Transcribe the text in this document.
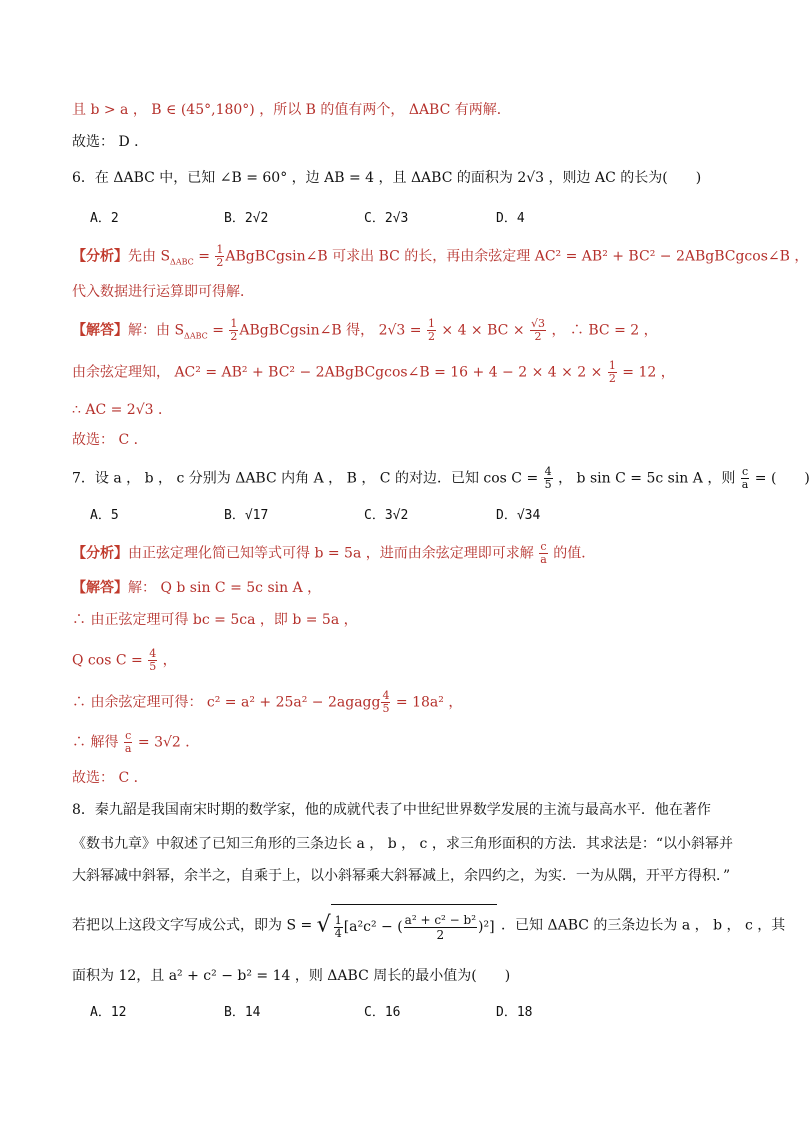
且 b > a ， B ∈ (45°,180°) ，所以 B 的值有两个， ΔABC 有两解．
故选： D ．
6．在 ΔABC 中，已知 ∠B = 60° ，边 AB = 4 ，且 ΔABC 的面积为 2√3 ，则边 AC 的长为(　　)
A．2	B．2√2	C．2√3	D．4
【分析】先由 $S_{\Delta ABC} = \frac{1}{2}$ ABgBCgsin∠B 可求出 BC 的长，再由余弦定理 AC² = AB² + BC² − 2ABgBCgcos∠B ，
代入数据进行运算即可得解．
【解答】解：由 $S_{\Delta ABC} = \frac{1}{2}$ ABgBCgsin∠B 得， $2√3 = \frac{1}{2} \times 4$ × BC × $\frac{√3}{2}$ ， ∴ BC = 2 ，
由余弦定理知， AC² = AB² + BC² − 2ABgBCgcos∠B = $16 + 4 - 2 \times 4 \times 2 \times \frac{1}{2} = 12$ ，
∴ AC = 2√3 ．
故选： C ．
7．设 a ， b ， c 分别为 ΔABC 内角 A ， B ， C 的对边．已知 $\cos C = \frac{4}{5}$ ， b sin C = 5c sin A ，则 $\frac{c}{a}$ = (　　)
A．5	B．√17	C．3√2	D．√34
【分析】由正弦定理化简已知等式可得 b = 5a ，进而由余弦定理即可求解 $\frac{c}{a}$ 的值．
【解答】解： Q b sin C = 5c sin A ，
∴ 由正弦定理可得 bc = 5ca ，即 b = 5a ，
Q $\cos C = \frac{4}{5}$ ，
∴ 由余弦定理可得： c² = a² + 25a² − 2agagg $\frac{4}{5} = 18a^2$ ，
∴ 解得 $\frac{c}{a} = 3√2$ ．
故选： C ．
8．秦九韶是我国南宋时期的数学家，他的成就代表了中世纪世界数学发展的主流与最高水平．他在著作
《数书九章》中叙述了已知三角形的三条边长 a ， b ， c ，求三角形面积的方法．其求法是：“以小斜幂并
大斜幂减中斜幂，余半之，自乘于上，以小斜幂乘大斜幂减上，余四约之，为实．一为从隅，开平方得积．”
若把以上这段文字写成公式，即为 S = √ $\frac{1}{4} [a^2c^2$ − ( $\frac{\text{a² + c² − b²}}{2} )^2$] ．已知 ΔABC 的三条边长为 a ， b ， c ，其
面积为 12，且 a² + c² − b² = 14 ，则 ΔABC 周长的最小值为(　　)
A．12	B．14	C．16	D．18
